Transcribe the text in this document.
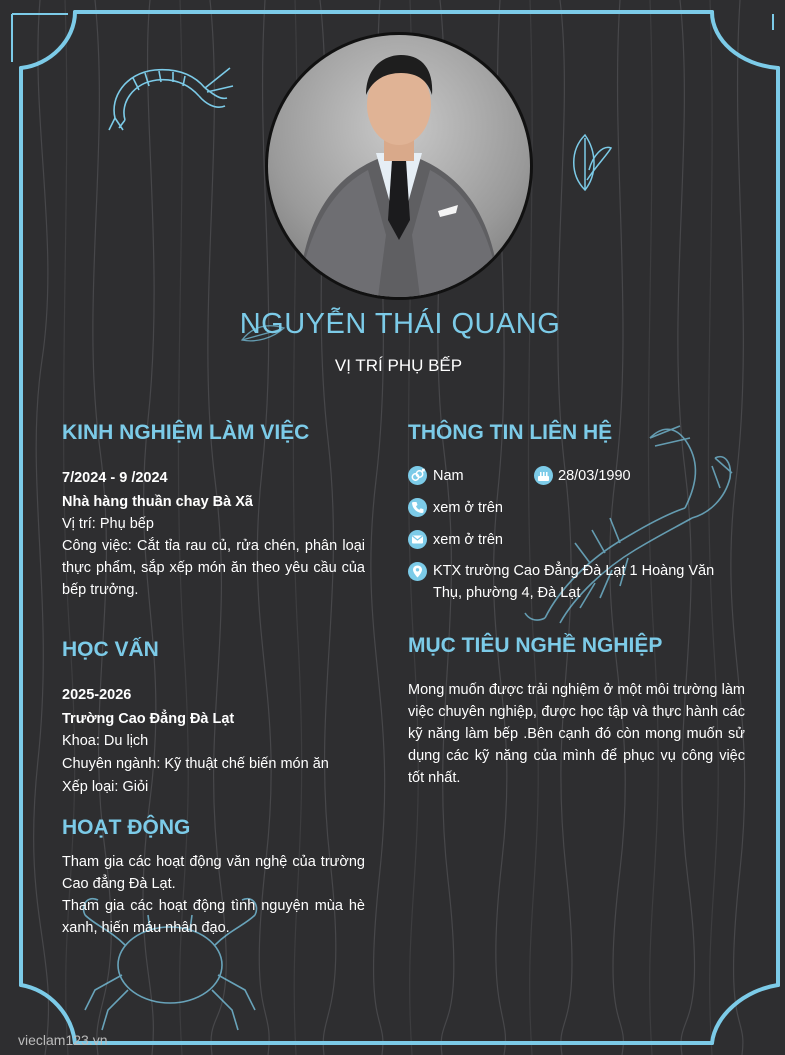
NGUYỄN THÁI QUANG
VỊ TRÍ PHỤ BẾP
KINH NGHIỆM LÀM VIỆC
7/2024 - 9 /2024
Nhà hàng thuần chay Bà Xã
Vị trí: Phụ bếp
Công việc: Cắt tỉa rau củ, rửa chén, phân loại thực phẩm, sắp xếp món ăn theo yêu cầu của bếp trưởng.
HỌC VẤN
2025-2026
Trường Cao Đẳng Đà Lạt
Khoa: Du lịch
Chuyên ngành: Kỹ thuật chế biến món ăn
Xếp loại: Giỏi
HOẠT ĐỘNG
Tham gia các hoạt động văn nghệ của trường Cao đẳng Đà Lạt.
Tham gia các hoạt động tình nguyện mùa hè xanh, hiến máu nhân đạo.
THÔNG TIN LIÊN HỆ
Nam	28/03/1990
xem ở trên
xem ở trên
KTX trường Cao Đẳng Đà Lạt 1 Hoàng Văn Thụ, phường 4, Đà Lạt
MỤC TIÊU NGHỀ NGHIỆP
Mong muốn được trải nghiệm ở một môi trường làm việc chuyên nghiệp, được học tập và thực hành các kỹ năng làm bếp .Bên cạnh đó còn mong muốn sử dụng các kỹ năng của mình để phục vụ công việc tốt nhất.
vieclam123.vn
